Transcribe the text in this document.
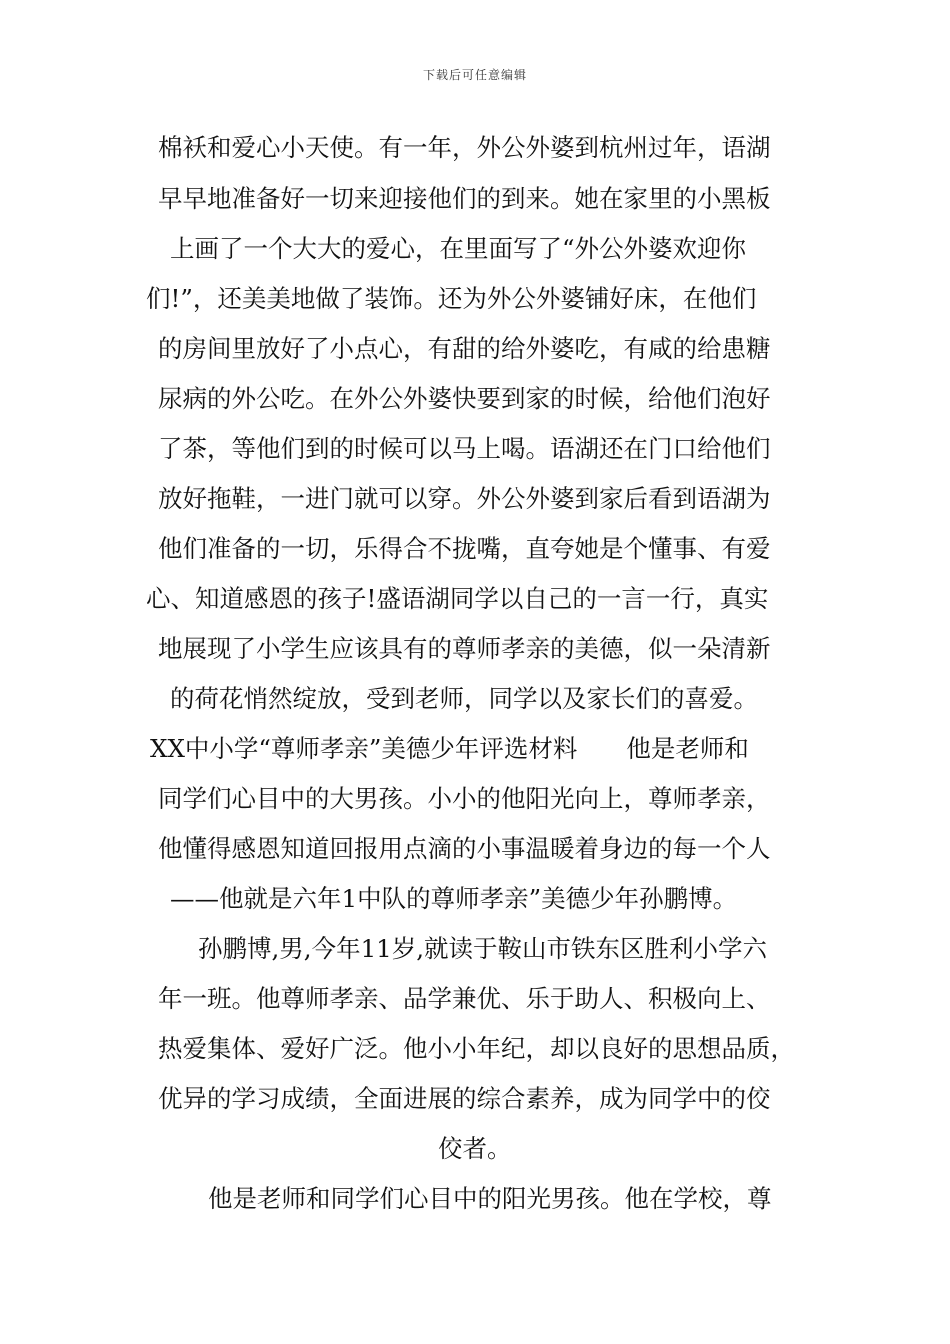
下载后可任意编辑
棉袄和爱心小天使。有一年，外公外婆到杭州过年，语湖
早早地准备好一切来迎接他们的到来。她在家里的小黑板
上画了一个大大的爱心，在里面写了“外公外婆欢迎你
们!”，还美美地做了装饰。还为外公外婆铺好床，在他们
的房间里放好了小点心，有甜的给外婆吃，有咸的给患糖
尿病的外公吃。在外公外婆快要到家的时候，给他们泡好
了茶，等他们到的时候可以马上喝。语湖还在门口给他们
放好拖鞋，一进门就可以穿。外公外婆到家后看到语湖为
他们准备的一切，乐得合不拢嘴，直夸她是个懂事、有爱
心、知道感恩的孩子!盛语湖同学以自己的一言一行，真实
地展现了小学生应该具有的尊师孝亲的美德，似一朵清新
的荷花悄然绽放，受到老师，同学以及家长们的喜爱。
XX中小学“尊师孝亲”美德少年评选材料　　他是老师和
同学们心目中的大男孩。小小的他阳光向上，尊师孝亲，
他懂得感恩知道回报用点滴的小事温暖着身边的每一个人
——他就是六年1中队的尊师孝亲”美德少年孙鹏博。
孙鹏博,男,今年11岁,就读于鞍山市铁东区胜利小学六
年一班。他尊师孝亲、品学兼优、乐于助人、积极向上、
热爱集体、爱好广泛。他小小年纪，却以良好的思想品质，
优异的学习成绩，全面进展的综合素养，成为同学中的佼
佼者。
他是老师和同学们心目中的阳光男孩。他在学校，尊
